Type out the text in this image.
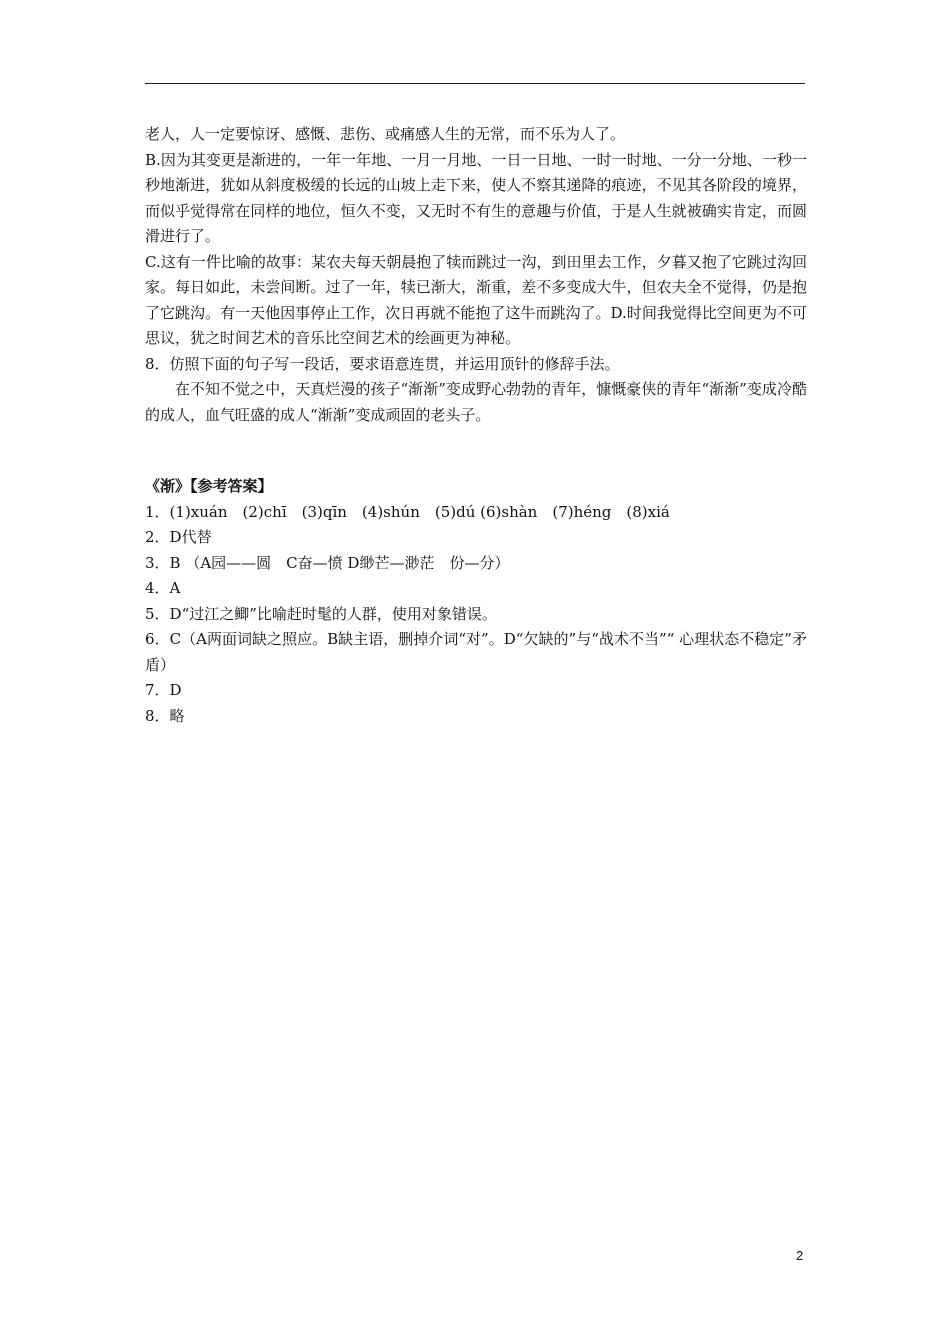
老人，人一定要惊讶、感慨、悲伤、或痛感人生的无常，而不乐为人了。

B.因为其变更是渐进的，一年一年地、一月一月地、一日一日地、一时一时地、一分一分地、一秒一秒地渐进，犹如从斜度极缓的长远的山坡上走下来，使人不察其递降的痕迹，不见其各阶段的境界，而似乎觉得常在同样的地位，恒久不变，又无时不有生的意趣与价值，于是人生就被确实肯定，而圆滑进行了。

C.这有一件比喻的故事：某农夫每天朝晨抱了犊而跳过一沟，到田里去工作，夕暮又抱了它跳过沟回家。每日如此，未尝间断。过了一年，犊已渐大，渐重，差不多变成大牛，但农夫全不觉得，仍是抱了它跳沟。有一天他因事停止工作，次日再就不能抱了这牛而跳沟了。D.时间我觉得比空间更为不可思议，犹之时间艺术的音乐比空间艺术的绘画更为神秘。

8．仿照下面的句子写一段话，要求语意连贯，并运用顶针的修辞手法。

在不知不觉之中，天真烂漫的孩子“渐渐”变成野心勃勃的青年，慷慨豪侠的青年“渐渐”变成冷酷的成人，血气旺盛的成人“渐渐”变成顽固的老头子。

《渐》【参考答案】

1．(1)xuán　(2)chī　(3)qīn　(4)shún　(5)dú (6)shàn　(7)héng　(8)xiá

2．D代替

3．B （A园——圆　C奋—愤 D缈芒—渺茫　份—分）

4．A

5．D“过江之鲫”比喻赶时髦的人群，使用对象错误。

6．C（A两面词缺之照应。B缺主语，删掉介词“对”。D“欠缺的”与“战术不当”“ 心理状态不稳定”矛盾）

7．D

8．略

2
